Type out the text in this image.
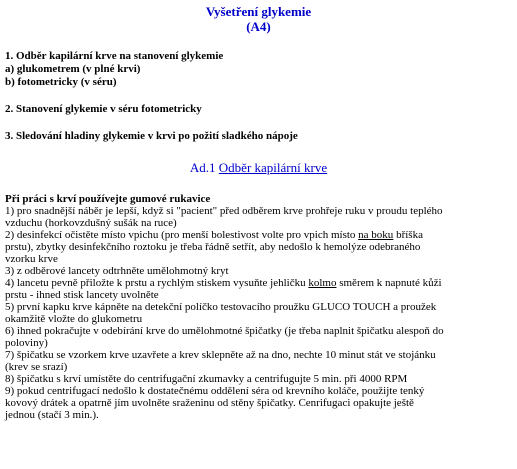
Vyšetření glykemie
(A4)
1. Odběr kapilární krve na stanovení glykemie
a) glukometrem (v plné krvi)
b) fotometricky (v séru)
2. Stanovení glykemie v séru fotometricky
3. Sledování hladiny glykemie v krvi po požití sladkého nápoje
Ad.1 Odběr kapilární krve
Při práci s krví používejte gumové rukavice
1) pro snadnější náběr je lepší, když si "pacient" před odběrem krve prohřeje ruku v proudu teplého
vzduchu (horkovzdušný sušák na ruce)
2) desinfekcí očistěte místo vpichu (pro menší bolestivost volte pro vpich místo na boku bříška
prstu), zbytky desinfekčního roztoku je třeba řádně setřít, aby nedošlo k hemolýze odebraného
vzorku krve
3) z odběrové lancety odtrhněte umělohmotný kryt
4) lancetu pevně přiložte k prstu a rychlým stiskem vysuňte jehličku kolmo směrem k napnuté kůži
prstu - ihned stisk lancety uvolněte
5) první kapku krve kápněte na detekční políčko testovacího proužku GLUCO TOUCH a proužek
okamžitě vložte do glukometru
6) ihned pokračujte v odebírání krve do umělohmotné špičatky (je třeba naplnit špičatku alespoň do
poloviny)
7) špičatku se vzorkem krve uzavřete a krev sklepněte až na dno, nechte 10 minut stát ve stojánku
(krev se srazí)
8) špičatku s krví umístěte do centrifugační zkumavky a centrifugujte 5 min. při 4000 RPM
9) pokud centrifugací nedošlo k dostatečnému oddělení séra od krevního koláče, použijte tenký
kovový drátek a opatrně jím uvolněte sraženinu od stěny špičatky. Cenrifugaci opakujte ještě
jednou (stačí 3 min.).
